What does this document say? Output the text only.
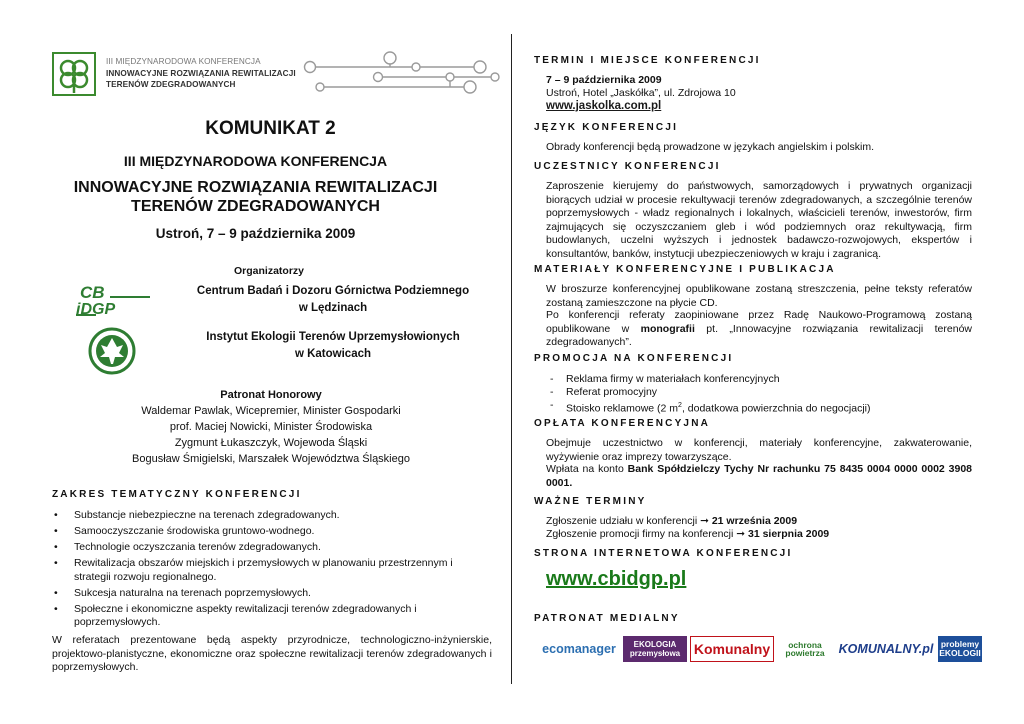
III MIĘDZYNARODOWA KONFERENCJA
INNOWACYJNE ROZWIĄZANIA REWITALIZACJI
TERENÓW ZDEGRADOWANYCH
KOMUNIKAT 2
III MIĘDZYNARODOWA KONFERENCJA
INNOWACYJNE ROZWIĄZANIA REWITALIZACJI
TERENÓW ZDEGRADOWANYCH
Ustroń, 7 – 9 października 2009
Organizatorzy
CB
iDGP
Centrum Badań i Dozoru Górnictwa Podziemnego
w Lędzinach
Instytut Ekologii Terenów Uprzemysłowionych
w Katowicach
Patronat Honorowy
Waldemar Pawlak, Wicepremier, Minister Gospodarki
prof. Maciej Nowicki, Minister Środowiska
Zygmunt Łukaszczyk, Wojewoda Śląski
Bogusław Śmigielski, Marszałek Województwa Śląskiego
ZAKRES TEMATYCZNY KONFERENCJI
• Substancje niebezpieczne na terenach zdegradowanych.
• Samooczyszczanie środowiska gruntowo-wodnego.
• Technologie oczyszczania terenów zdegradowanych.
• Rewitalizacja obszarów miejskich i przemysłowych w planowaniu przestrzennym i strategii rozwoju regionalnego.
• Sukcesja naturalna na terenach poprzemysłowych.
• Społeczne i ekonomiczne aspekty rewitalizacji terenów zdegradowanych i poprzemysłowych.
W referatach prezentowane będą aspekty przyrodnicze, technologiczno-inżynierskie, projektowo-planistyczne, ekonomiczne oraz społeczne rewitalizacji terenów zdegradowanych i poprzemysłowych.
TERMIN I MIEJSCE KONFERENCJI
7 – 9 października 2009
Ustroń, Hotel „Jaskółka”, ul. Zdrojowa 10
www.jaskolka.com.pl
JĘZYK KONFERENCJI
Obrady konferencji będą prowadzone w językach angielskim i polskim.
UCZESTNICY KONFERENCJI
Zaproszenie kierujemy do państwowych, samorządowych i prywatnych organizacji biorących udział w procesie rekultywacji terenów zdegradowanych, a szczególnie terenów poprzemysłowych - władz regionalnych i lokalnych, właścicieli terenów, inwestorów, firm zajmujących się oczyszczaniem gleb i wód podziemnych oraz rekultywacją, firm budowlanych, uczelni wyższych i jednostek badawczo-rozwojowych, ekspertów i konsultantów, banków, instytucji ubezpieczeniowych w kraju i zagranicą.
MATERIAŁY KONFERENCYJNE I PUBLIKACJA
W broszurze konferencyjnej opublikowane zostaną streszczenia, pełne teksty referatów zostaną zamieszczone na płycie CD.
Po konferencji referaty zaopiniowane przez Radę Naukowo-Programową zostaną opublikowane w monografii pt. „Innowacyjne rozwiązania rewitalizacji terenów zdegradowanych”.
PROMOCJA NA KONFERENCJI
- Reklama firmy w materiałach konferencyjnych
- Referat promocyjny
- Stoisko reklamowe (2 $m^2$, dodatkowa powierzchnia do negocjacji)
OPŁATA KONFERENCYJNA
Obejmuje uczestnictwo w konferencji, materiały konferencyjne, zakwaterowanie, wyżywienie oraz imprezy towarzyszące.
Wpłata na konto Bank Spółdzielczy Tychy Nr rachunku 75 8435 0004 0000 0002 3908 0001.
WAŻNE TERMINY
Zgłoszenie udziału w konferencji ➞ 21 września 2009
Zgłoszenie promocji firmy na konferencji ➞ 31 sierpnia 2009
STRONA INTERNETOWA KONFERENCJI
www.cbidgp.pl
PATRONAT MEDIALNY
ecomanager	EKOLOGIA przemysłowa Komunalny	ochrona powietrza	KOMUNALNY.pl problemy EKOLOGII
